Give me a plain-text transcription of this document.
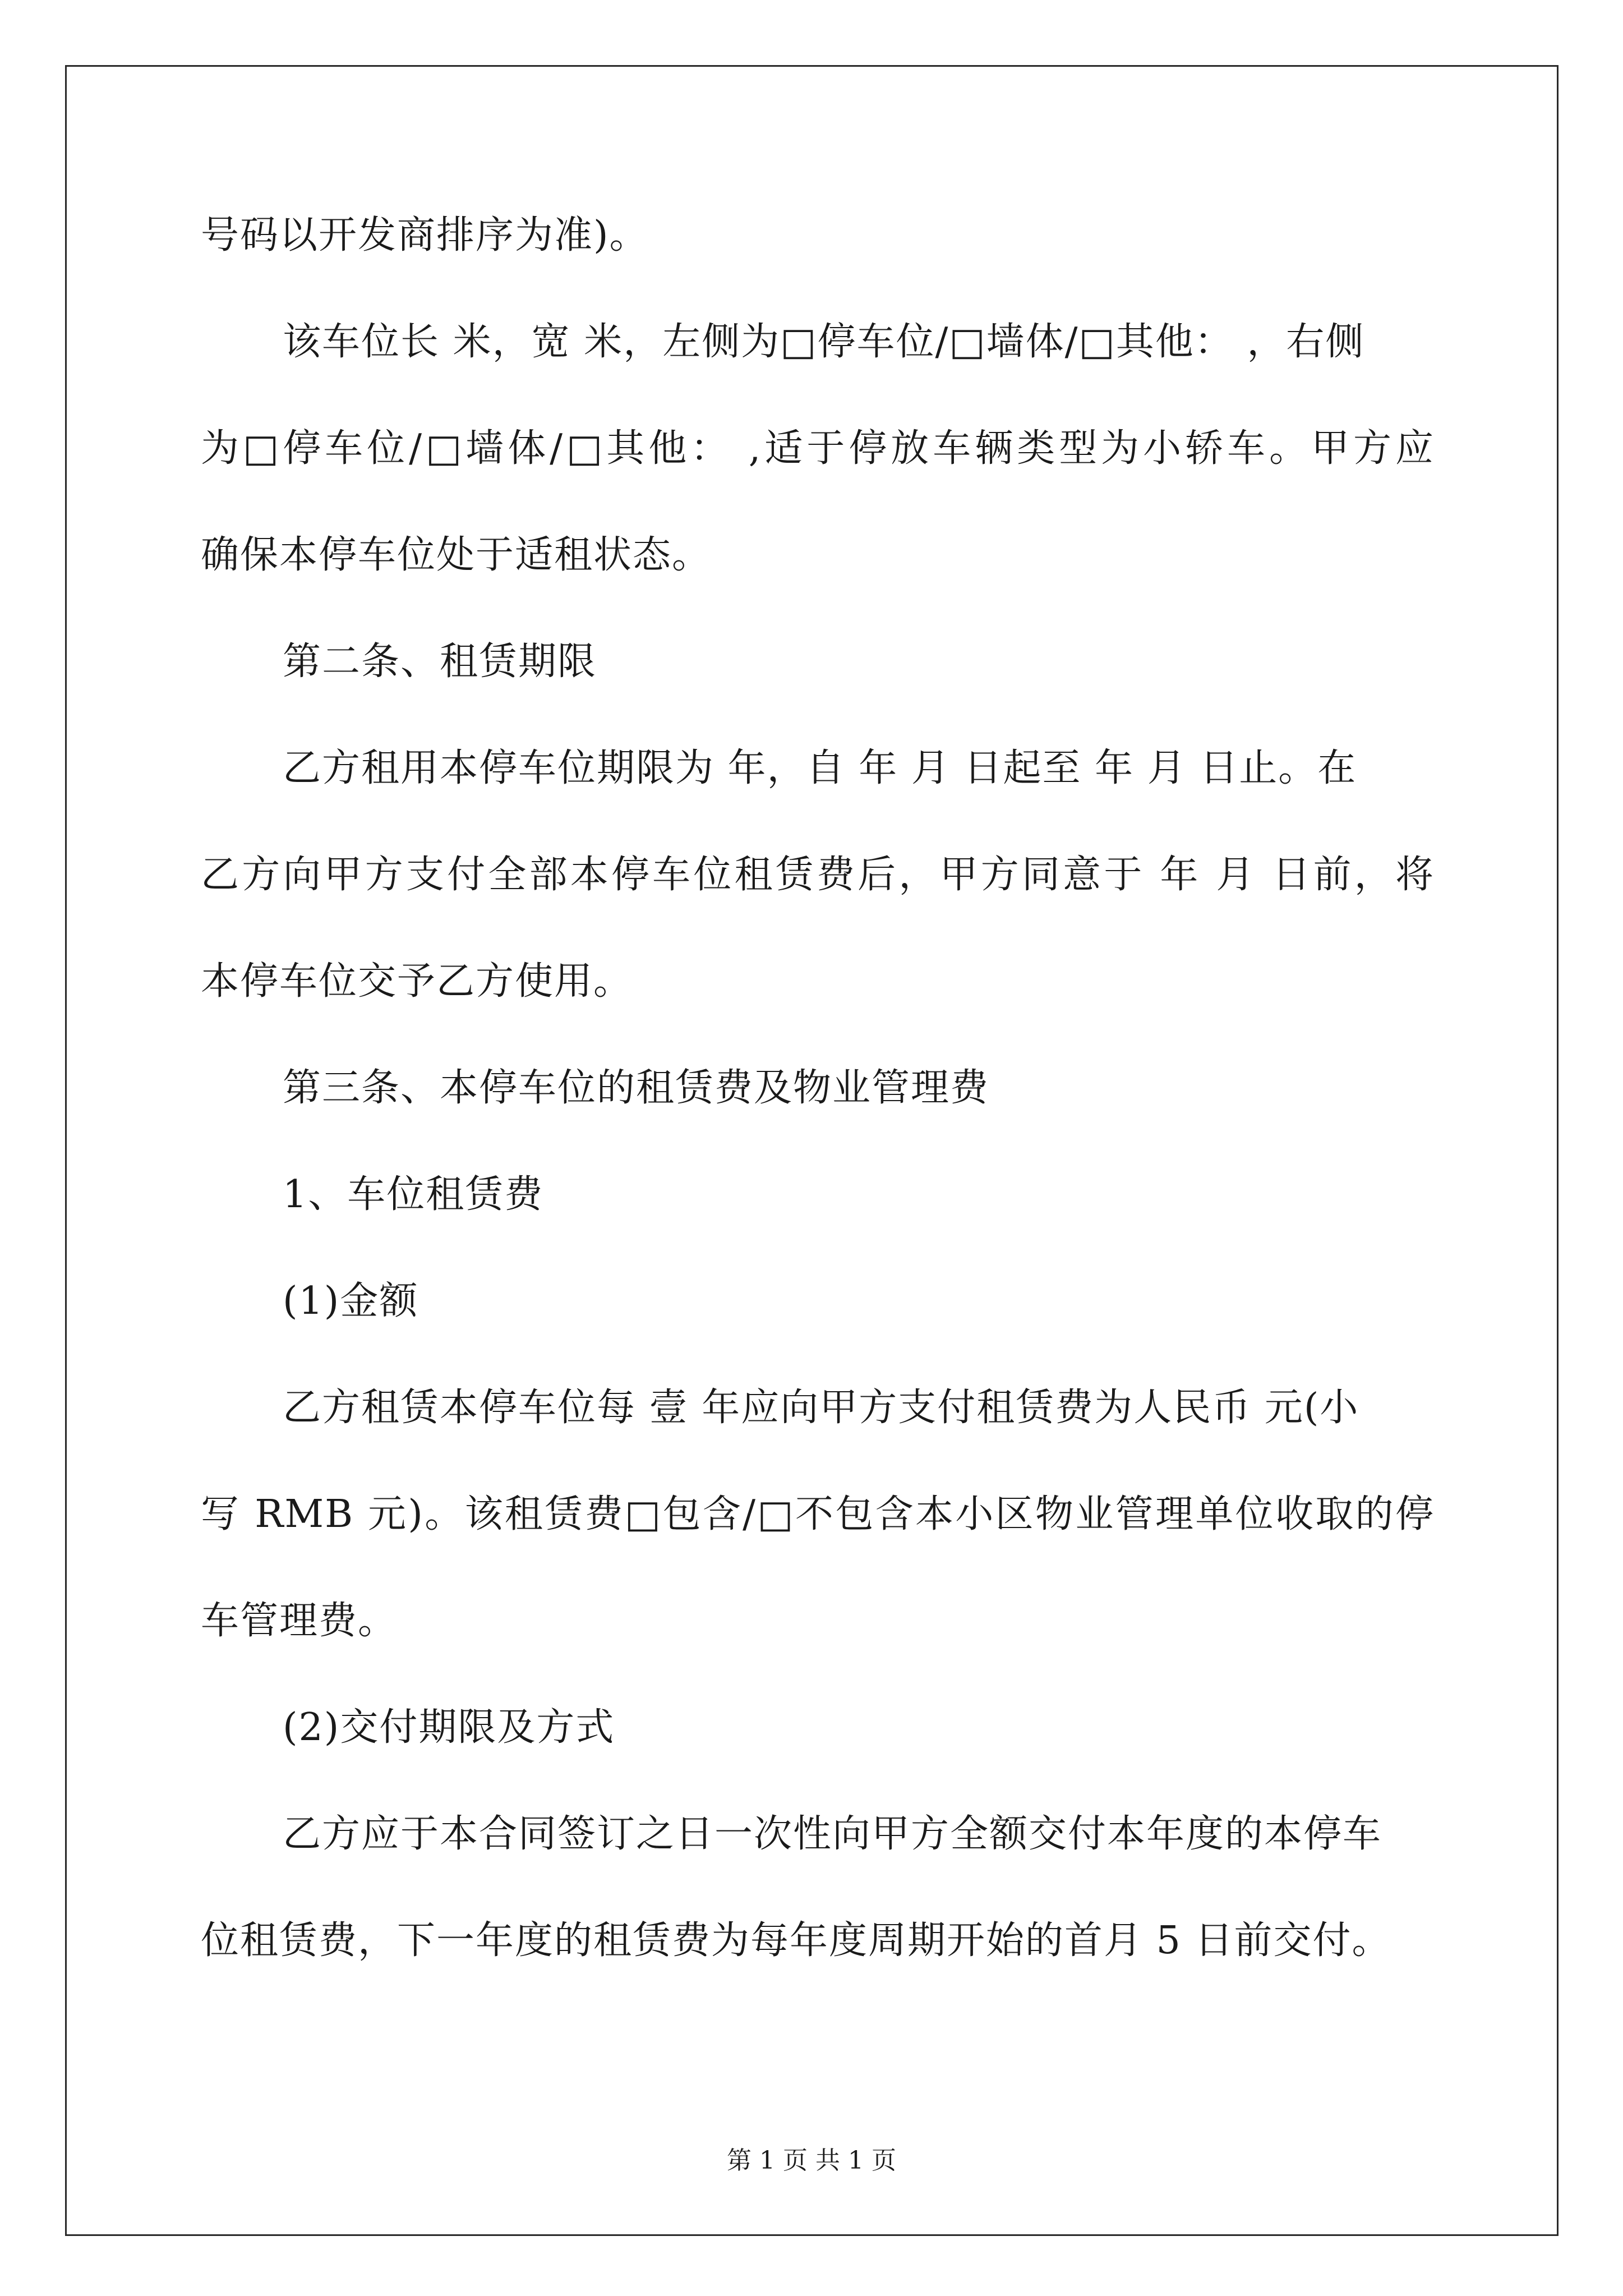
号码以开发商排序为准)。
该车位长 米，宽 米，左侧为□停车位/□墙体/□其他： ，右侧
为□停车位/□墙体/□其他： ,适于停放车辆类型为小轿车。甲方应
确保本停车位处于适租状态。
第二条、租赁期限
乙方租用本停车位期限为 年，自 年 月 日起至 年 月 日止。在
乙方向甲方支付全部本停车位租赁费后，甲方同意于 年 月 日前，将
本停车位交予乙方使用。
第三条、本停车位的租赁费及物业管理费
1、车位租赁费
(1)金额
乙方租赁本停车位每 壹 年应向甲方支付租赁费为人民币 元(小
写 RMB 元)。该租赁费□包含/□不包含本小区物业管理单位收取的停
车管理费。
(2)交付期限及方式
乙方应于本合同签订之日一次性向甲方全额交付本年度的本停车
位租赁费，下一年度的租赁费为每年度周期开始的首月 5 日前交付。
第 1 页 共 1 页
